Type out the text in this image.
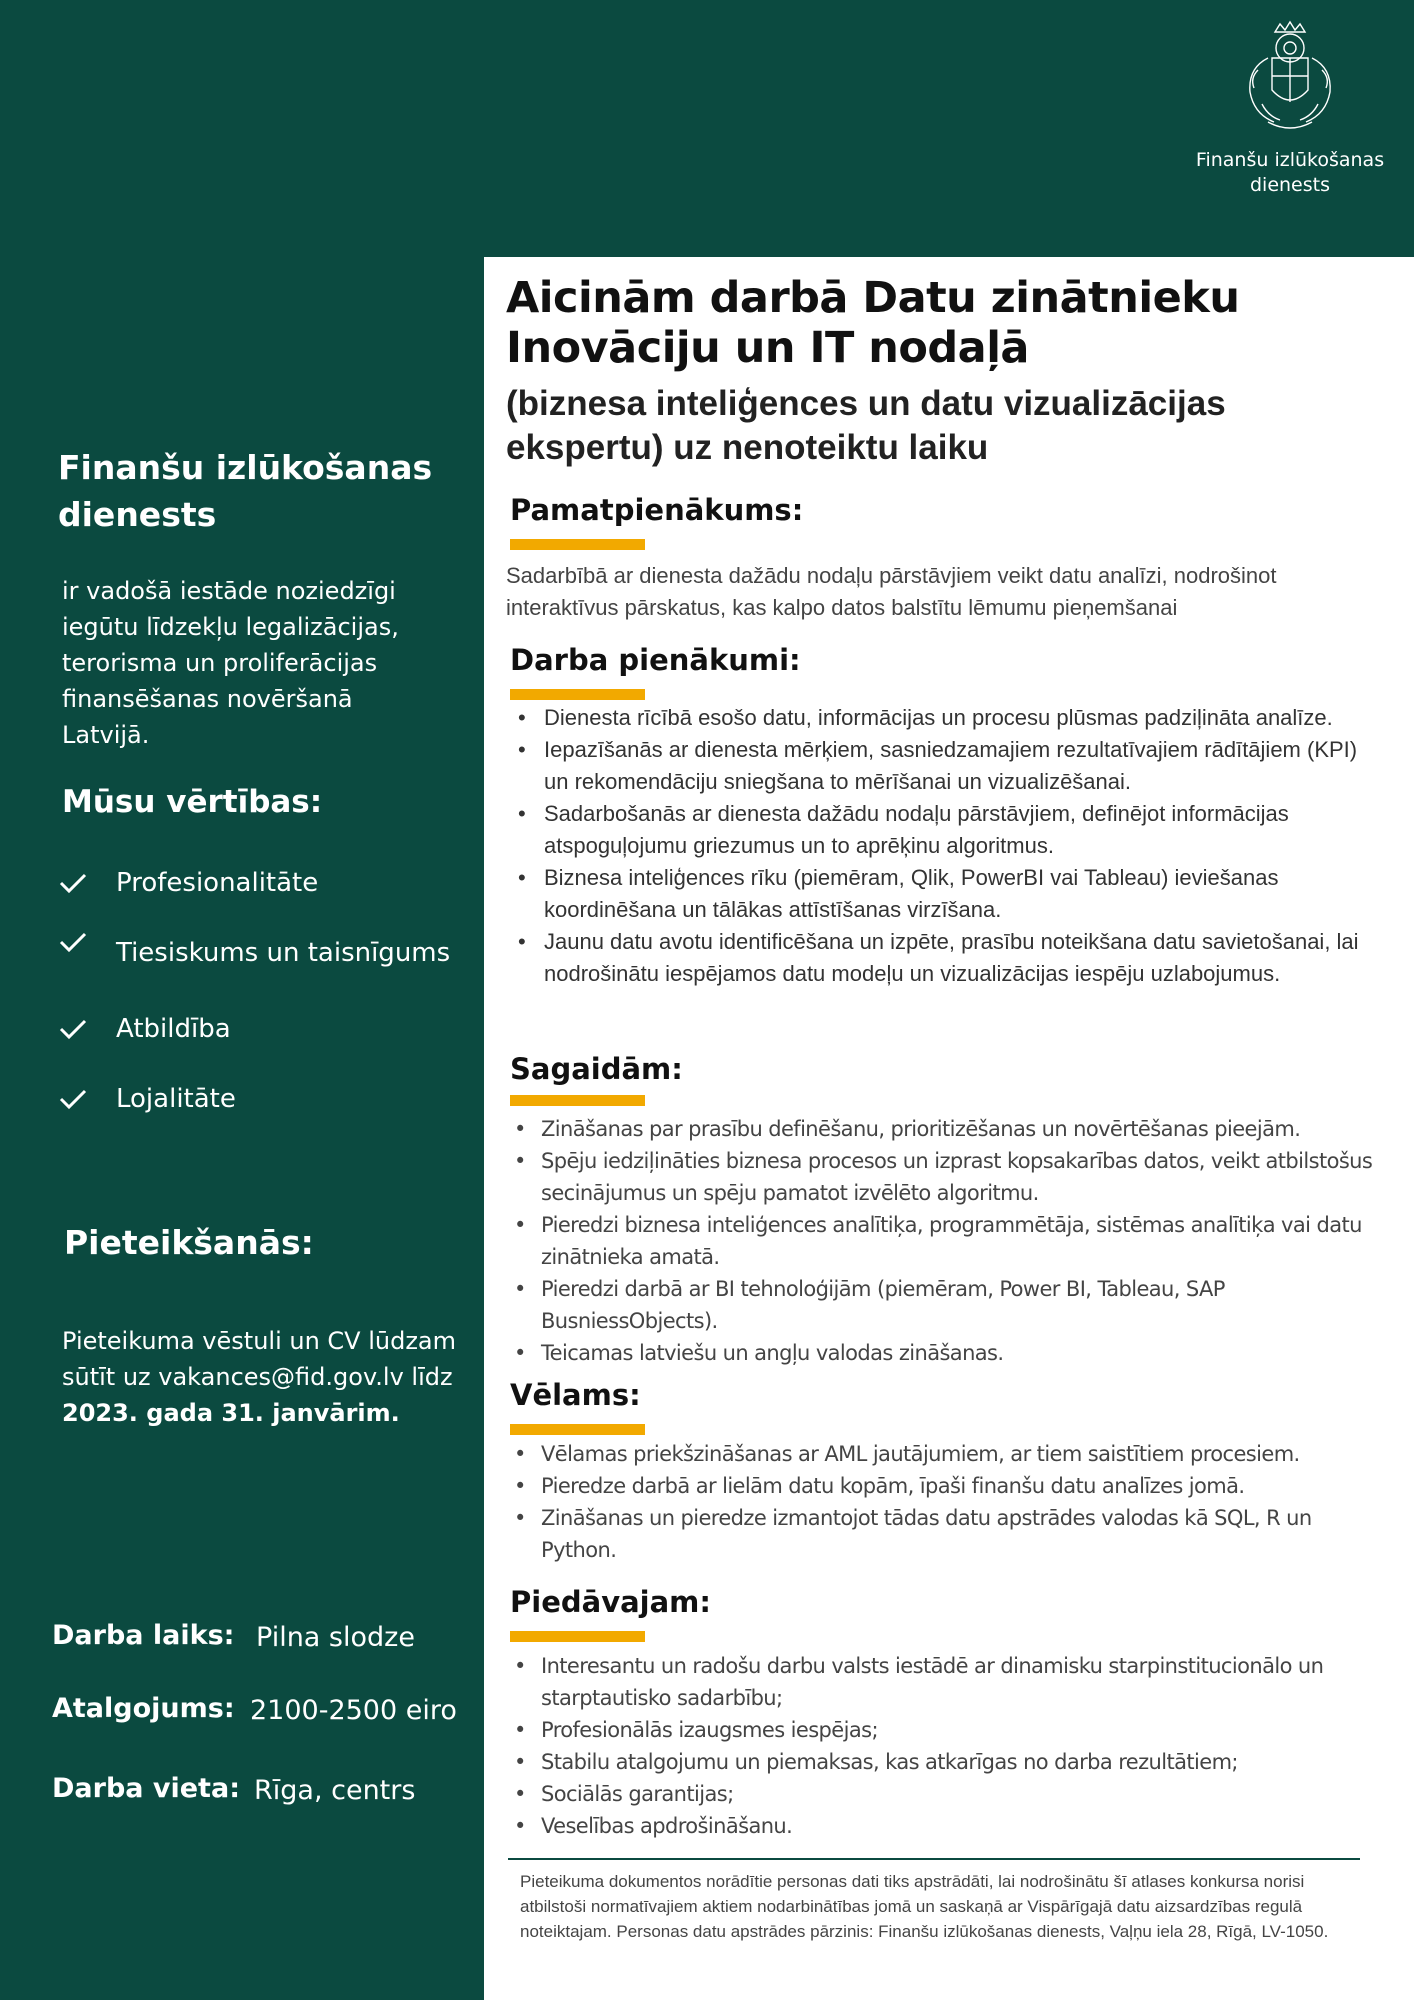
Finanšu izlūkošanas
dienests
Finanšu izlūkošanas dienests
ir vadošā iestāde noziedzīgi iegūtu līdzekļu legalizācijas, terorisma un proliferācijas finansēšanas novēršanā Latvijā.
Mūsu vērtības:
Profesionalitāte
Tiesiskums un taisnīgums
Atbildība
Lojalitāte
Pieteikšanās:
Pieteikuma vēstuli un CV lūdzam sūtīt uz vakances@fid.gov.lv līdz 2023. gada 31. janvārim.
Darba laiks: Pilna slodze
Atalgojums: 2100-2500 eiro
Darba vieta: Rīga, centrs
Aicinām darbā Datu zinātnieku
Inovāciju un IT nodaļā
(biznesa inteliģences un datu vizualizācijas ekspertu) uz nenoteiktu laiku
Pamatpienākums:
Sadarbībā ar dienesta dažādu nodaļu pārstāvjiem veikt datu analīzi, nodrošinot interaktīvus pārskatus, kas kalpo datos balstītu lēmumu pieņemšanai
Darba pienākumi:
• Dienesta rīcībā esošo datu, informācijas un procesu plūsmas padziļināta analīze.
• Iepazīšanās ar dienesta mērķiem, sasniedzamajiem rezultatīvajiem rādītājiem (KPI) un rekomendāciju sniegšana to mērīšanai un vizualizēšanai.
• Sadarbošanās ar dienesta dažādu nodaļu pārstāvjiem, definējot informācijas atspoguļojumu griezumus un to aprēķinu algoritmus.
• Biznesa inteliģences rīku (piemēram, Qlik, PowerBI vai Tableau) ieviešanas koordinēšana un tālākas attīstīšanas virzīšana.
• Jaunu datu avotu identificēšana un izpēte, prasību noteikšana datu savietošanai, lai nodrošinātu iespējamos datu modeļu un vizualizācijas iespēju uzlabojumus.
Sagaidām:
• Zināšanas par prasību definēšanu, prioritizēšanas un novērtēšanas pieejām.
• Spēju iedziļināties biznesa procesos un izprast kopsakarības datos, veikt atbilstošus secinājumus un spēju pamatot izvēlēto algoritmu.
• Pieredzi biznesa inteliģences analītiķa, programmētāja, sistēmas analītiķa vai datu zinātnieka amatā.
• Pieredzi darbā ar BI tehnoloģijām (piemēram, Power BI, Tableau, SAP BusniessObjects).
• Teicamas latviešu un angļu valodas zināšanas.
Vēlams:
• Vēlamas priekšzināšanas ar AML jautājumiem, ar tiem saistītiem procesiem.
• Pieredze darbā ar lielām datu kopām, īpaši finanšu datu analīzes jomā.
• Zināšanas un pieredze izmantojot tādas datu apstrādes valodas kā SQL, R un Python.
Piedāvajam:
• Interesantu un radošu darbu valsts iestādē ar dinamisku starpinstitucionālo un starptautisko sadarbību;
• Profesionālās izaugsmes iespējas;
• Stabilu atalgojumu un piemaksas, kas atkarīgas no darba rezultātiem;
• Sociālās garantijas;
• Veselības apdrošināšanu.
Pieteikuma dokumentos norādītie personas dati tiks apstrādāti, lai nodrošinātu šī atlases konkursa norisi atbilstoši normatīvajiem aktiem nodarbinātības jomā un saskaņā ar Vispārīgajā datu aizsardzības regulā noteiktajam. Personas datu apstrādes pārzinis: Finanšu izlūkošanas dienests, Vaļņu iela 28, Rīgā, LV-1050.
